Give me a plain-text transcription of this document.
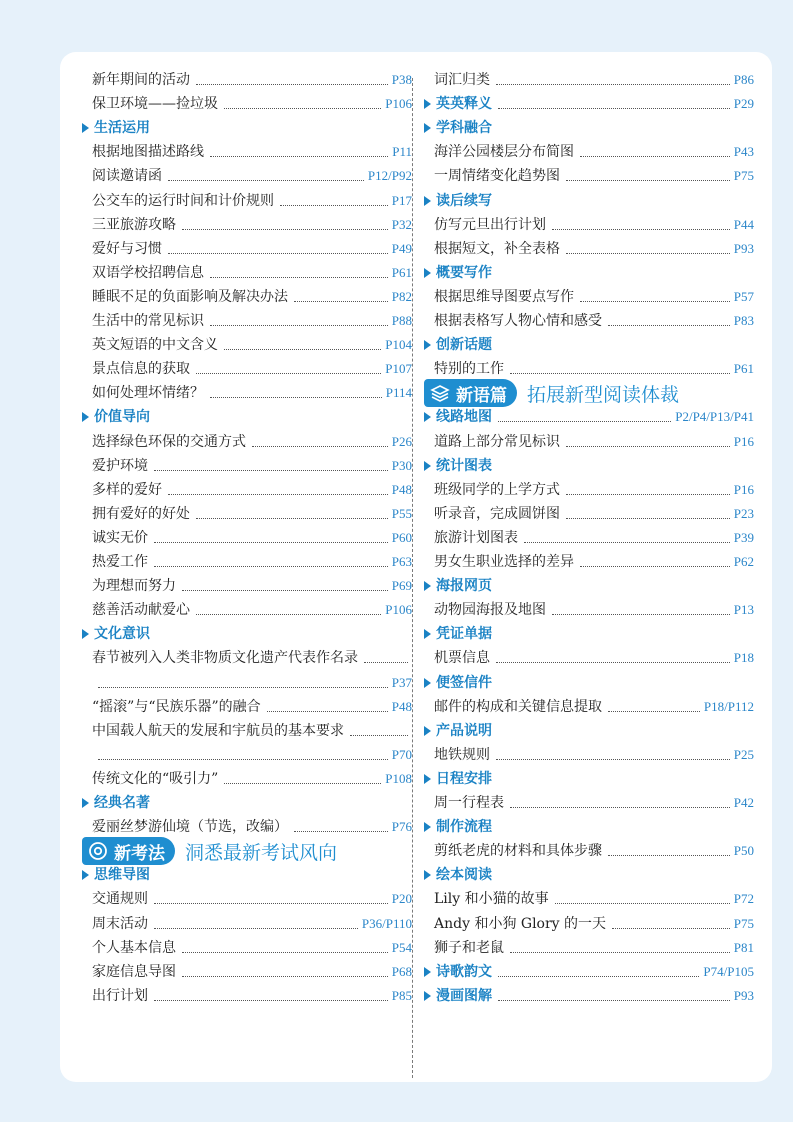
新年期间的活动	P38
保卫环境——捡垃圾	P106
生活运用
根据地图描述路线	P11
阅读邀请函	P12/P92
公交车的运行时间和计价规则	P17
三亚旅游攻略	P32
爱好与习惯	P49
双语学校招聘信息	P61
睡眠不足的负面影响及解决办法	P82
生活中的常见标识	P88
英文短语的中文含义	P104
景点信息的获取	P107
如何处理坏情绪？	P114
价值导向
选择绿色环保的交通方式	P26
爱护环境	P30
多样的爱好	P48
拥有爱好的好处	P55
诚实无价	P60
热爱工作	P63
为理想而努力	P69
慈善活动献爱心	P106
文化意识
春节被列入人类非物质文化遗产代表作名录
P37
“摇滚”与“民族乐器”的融合	P48
中国载人航天的发展和宇航员的基本要求
P70
传统文化的“吸引力”	P108
经典名著
爱丽丝梦游仙境（节选，改编）	P76
新考法 洞悉最新考试风向
思维导图
交通规则	P20
周末活动	P36/P110
个人基本信息	P54
家庭信息导图	P68
出行计划	P85
词汇归类	P86
英英释义	P29
学科融合
海洋公园楼层分布简图	P43
一周情绪变化趋势图	P75
读后续写
仿写元旦出行计划	P44
根据短文，补全表格	P93
概要写作
根据思维导图要点写作	P57
根据表格写人物心情和感受	P83
创新话题
特别的工作	P61
新语篇 拓展新型阅读体裁
线路地图	P2/P4/P13/P41
道路上部分常见标识	P16
统计图表
班级同学的上学方式	P16
听录音，完成圆饼图	P23
旅游计划图表	P39
男女生职业选择的差异	P62
海报网页
动物园海报及地图	P13
凭证单据
机票信息	P18
便签信件
邮件的构成和关键信息提取	P18/P112
产品说明
地铁规则	P25
日程安排
周一行程表	P42
制作流程
剪纸老虎的材料和具体步骤	P50
绘本阅读
Lily 和小猫的故事	P72
Andy 和小狗 Glory 的一天	P75
狮子和老鼠	P81
诗歌韵文	P74/P105
漫画图解	P93
